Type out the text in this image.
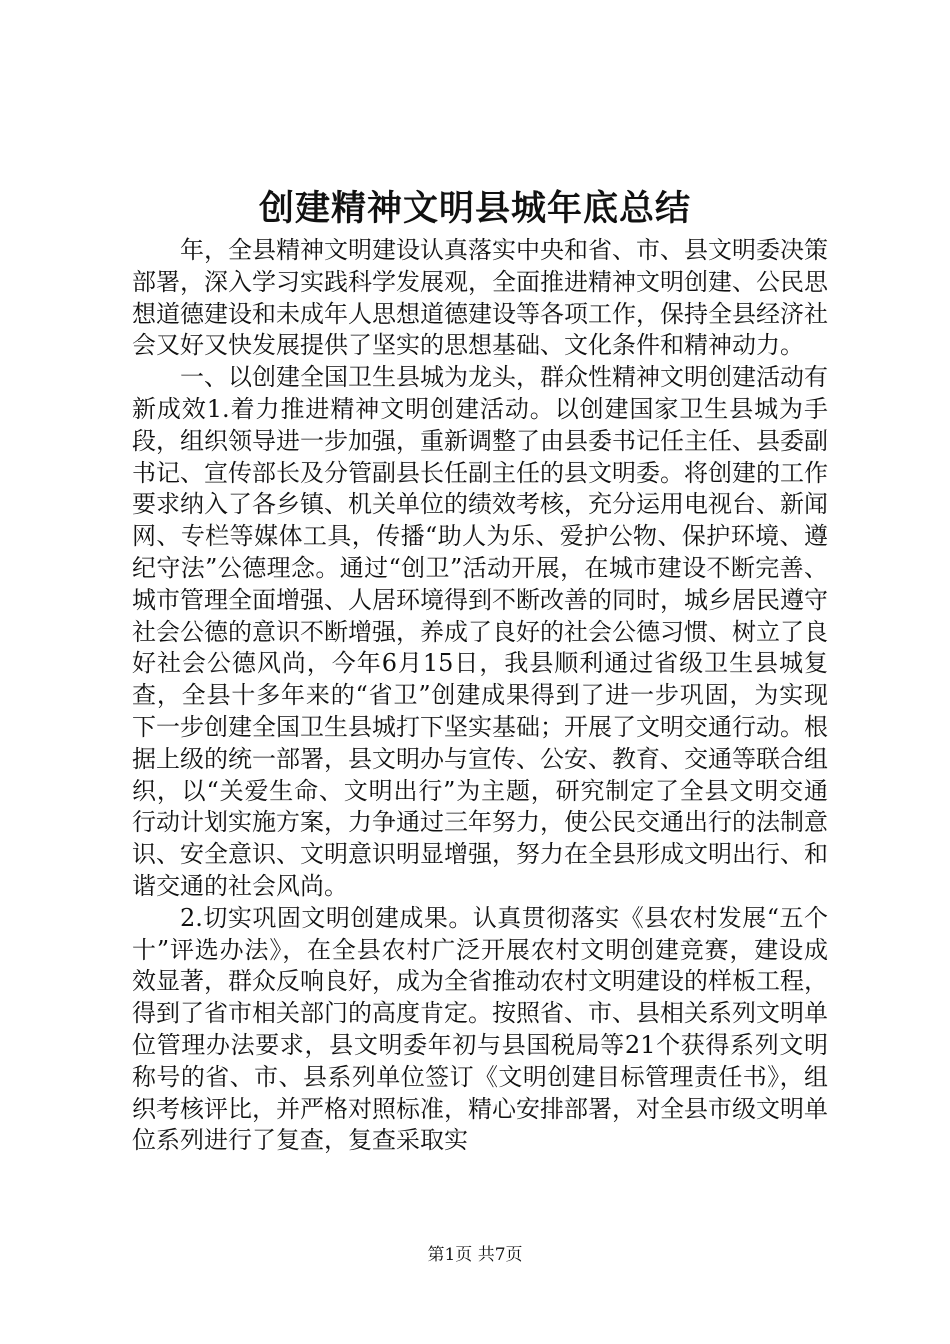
创建精神文明县城年底总结

年，全县精神文明建设认真落实中央和省、市、县文明委决策部署，深入学习实践科学发展观，全面推进精神文明创建、公民思想道德建设和未成年人思想道德建设等各项工作，保持全县经济社会又好又快发展提供了坚实的思想基础、文化条件和精神动力。

一、以创建全国卫生县城为龙头，群众性精神文明创建活动有新成效1.着力推进精神文明创建活动。以创建国家卫生县城为手段，组织领导进一步加强，重新调整了由县委书记任主任、县委副书记、宣传部长及分管副县长任副主任的县文明委。将创建的工作要求纳入了各乡镇、机关单位的绩效考核，充分运用电视台、新闻网、专栏等媒体工具，传播“助人为乐、爱护公物、保护环境、遵纪守法”公德理念。通过“创卫”活动开展，在城市建设不断完善、城市管理全面增强、人居环境得到不断改善的同时，城乡居民遵守社会公德的意识不断增强，养成了良好的社会公德习惯、树立了良好社会公德风尚，今年6月15日，我县顺利通过省级卫生县城复查，全县十多年来的“省卫”创建成果得到了进一步巩固，为实现下一步创建全国卫生县城打下坚实基础；开展了文明交通行动。根据上级的统一部署，县文明办与宣传、公安、教育、交通等联合组织，以“关爱生命、文明出行”为主题，研究制定了全县文明交通行动计划实施方案，力争通过三年努力，使公民交通出行的法制意识、安全意识、文明意识明显增强，努力在全县形成文明出行、和谐交通的社会风尚。

2.切实巩固文明创建成果。认真贯彻落实《县农村发展“五个十”评选办法》，在全县农村广泛开展农村文明创建竞赛，建设成效显著，群众反响良好，成为全省推动农村文明建设的样板工程，得到了省市相关部门的高度肯定。按照省、市、县相关系列文明单位管理办法要求，县文明委年初与县国税局等21个获得系列文明称号的省、市、县系列单位签订《文明创建目标管理责任书》，组织考核评比，并严格对照标准，精心安排部署，对全县市级文明单位系列进行了复查，复查采取实

第1页 共7页
